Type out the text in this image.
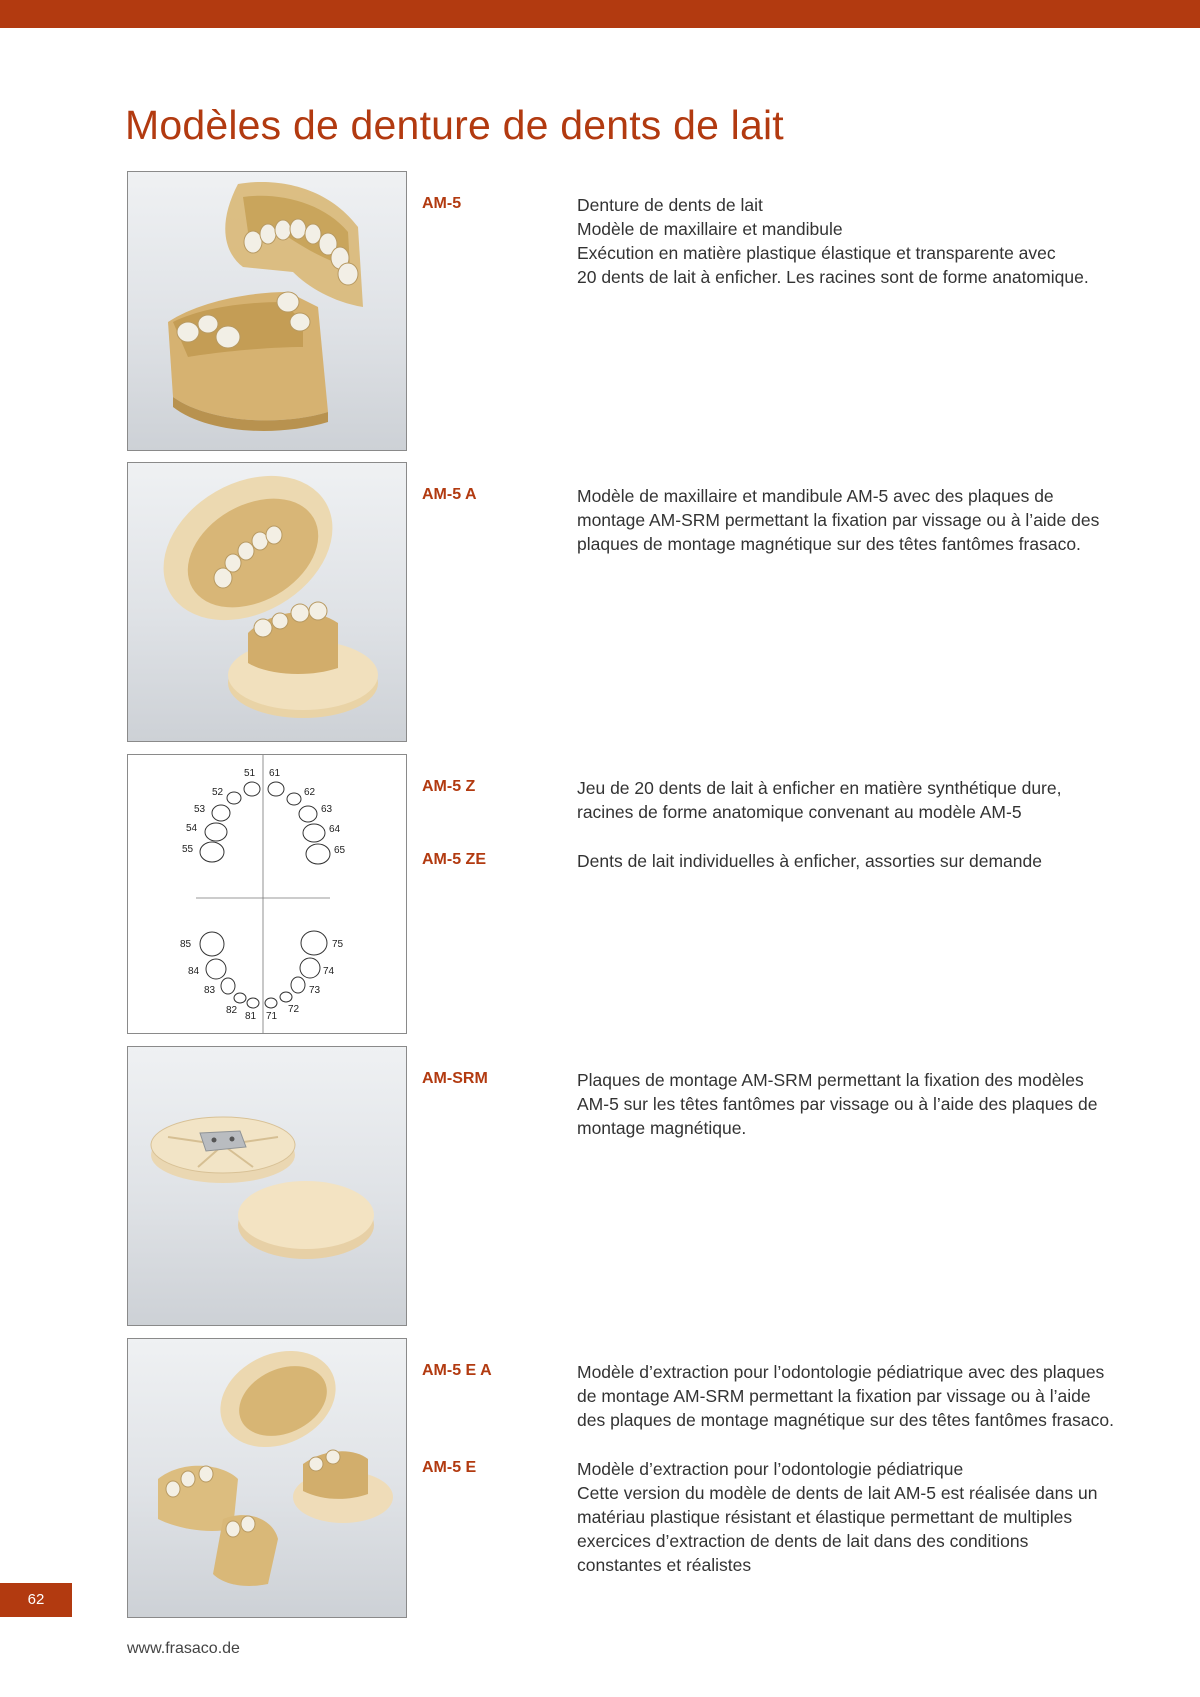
Modèles de denture de dents de lait
AM-5	Denture de dents de lait
Modèle de maxillaire et mandibule
Exécution en matière plastique élastique et transparente avec
20 dents de lait à enficher. Les racines sont de forme anatomique.
AM-5 A	Modèle de maxillaire et mandibule AM-5 avec des plaques de
montage AM-SRM permettant la fixation par vissage ou à l’aide des
plaques de montage magnétique sur des têtes fantômes frasaco.
51 61
52	62
53	63
54	64
55	65
85	75
84	74
83	73
82	72
81 71
AM-5 Z	Jeu de 20 dents de lait à enficher en matière synthétique dure,
racines de forme anatomique convenant au modèle AM-5
AM-5 ZE	Dents de lait individuelles à enficher, assorties sur demande
AM-SRM	Plaques de montage AM-SRM permettant la fixation des modèles
AM-5 sur les têtes fantômes par vissage ou à l’aide des plaques de
montage magnétique.
AM-5 E A	Modèle d’extraction pour l’odontologie pédiatrique avec des plaques
de montage AM-SRM permettant la fixation par vissage ou à l’aide
des plaques de montage magnétique sur des têtes fantômes frasaco.
AM-5 E	Modèle d’extraction pour l’odontologie pédiatrique
Cette version du modèle de dents de lait AM-5 est réalisée dans un
matériau plastique résistant et élastique permettant de multiples
exercices d’extraction de dents de lait dans des conditions
constantes et réalistes
62
www.frasaco.de
